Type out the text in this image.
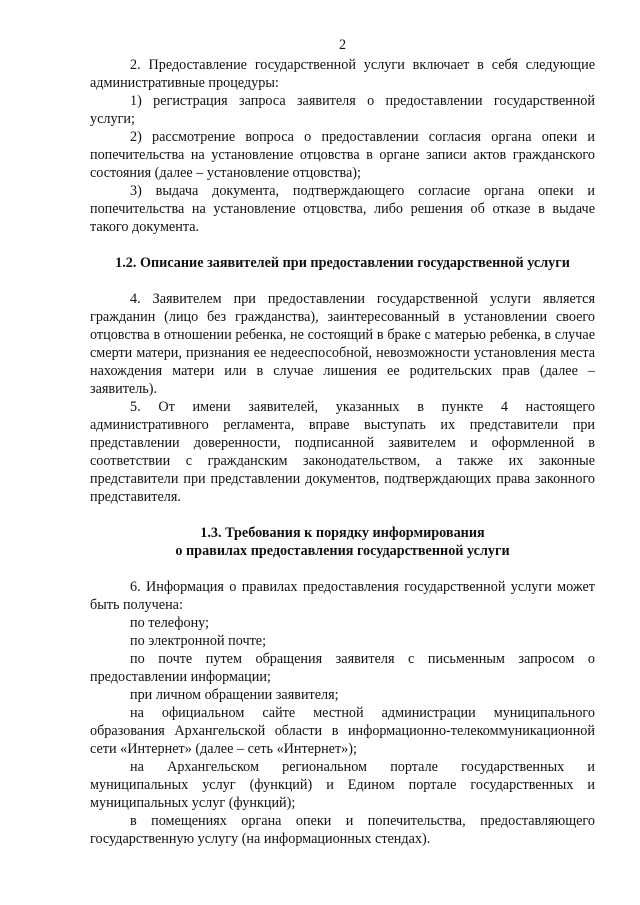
2

2. Предоставление государственной услуги включает в себя следующие административные процедуры:

1) регистрация запроса заявителя о предоставлении государственной услуги;

2) рассмотрение вопроса о предоставлении согласия органа опеки и попечительства на установление отцовства в органе записи актов гражданского состояния (далее – установление отцовства);

3) выдача документа, подтверждающего согласие органа опеки и попечительства на установление отцовства, либо решения об отказе в выдаче такого документа.

1.2. Описание заявителей при предоставлении государственной услуги

4. Заявителем при предоставлении государственной услуги является гражданин (лицо без гражданства), заинтересованный в установлении своего отцовства в отношении ребенка, не состоящий в браке с матерью ребенка, в случае смерти матери, признания ее недееспособной, невозможности установления места нахождения матери или в случае лишения ее родительских прав (далее – заявитель).

5. От имени заявителей, указанных в пункте 4 настоящего административного регламента, вправе выступать их представители при представлении доверенности, подписанной заявителем и оформленной в соответствии с гражданским законодательством, а также их законные представители при представлении документов, подтверждающих права законного представителя.

1.3. Требования к порядку информирования

о правилах предоставления государственной услуги

6. Информация о правилах предоставления государственной услуги может быть получена:

по телефону;

по электронной почте;

по почте путем обращения заявителя с письменным запросом о предоставлении информации;

при личном обращении заявителя;

на официальном сайте местной администрации муниципального образования Архангельской области в информационно-телекоммуникационной сети «Интернет» (далее – сеть «Интернет»);

на Архангельском региональном портале государственных и муниципальных услуг (функций) и Едином портале государственных и муниципальных услуг (функций);

в помещениях органа опеки и попечительства, предоставляющего государственную услугу (на информационных стендах).
